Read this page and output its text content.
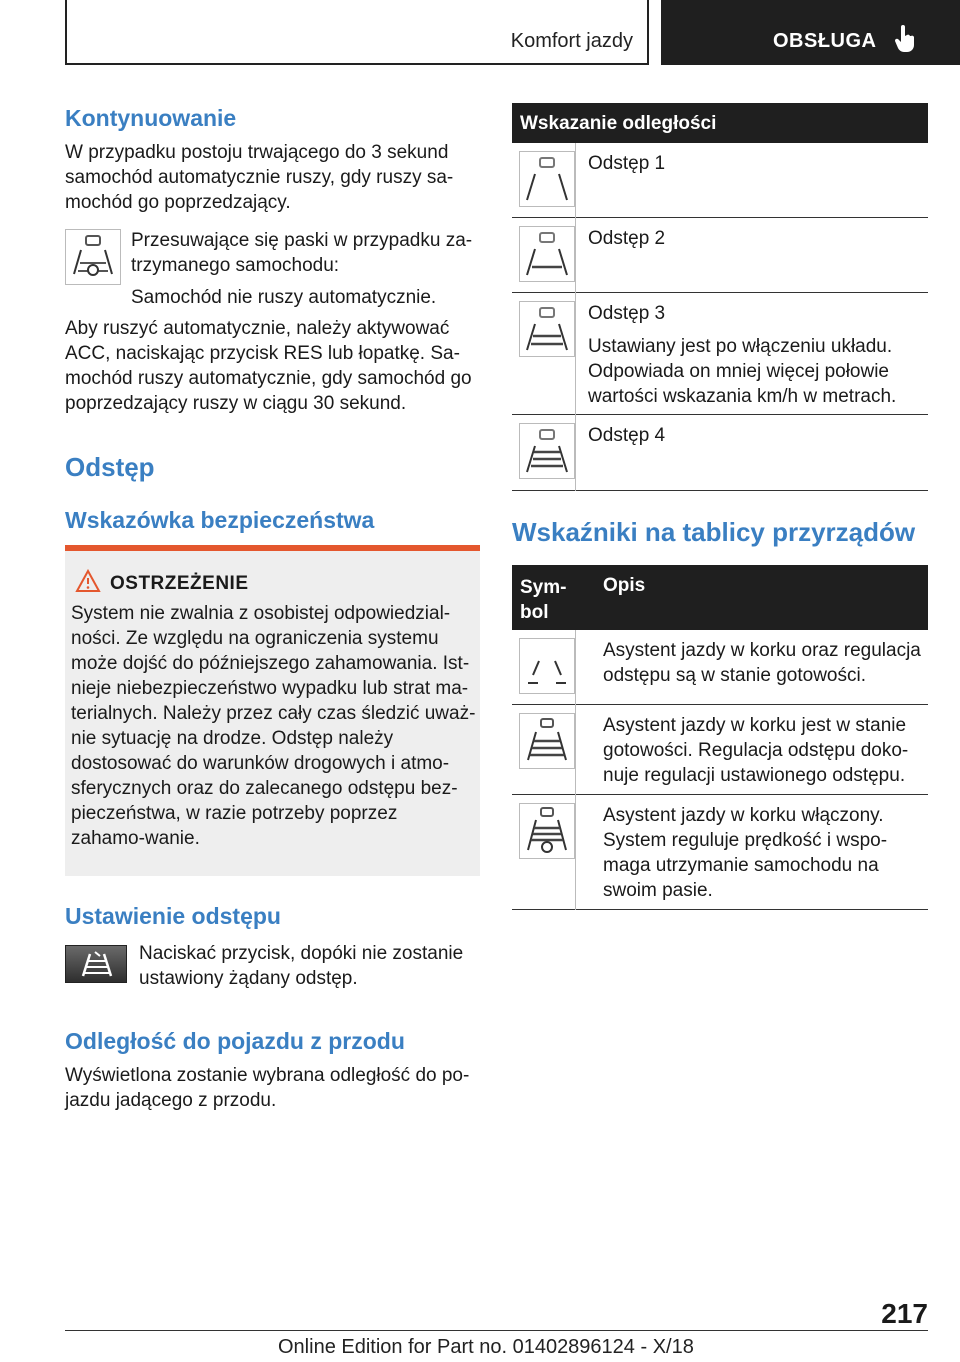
Komfort jazdy	OBSŁUGA
Kontynuowanie
W przypadku postoju trwającego do 3 sekund samochód automatycznie ruszy, gdy ruszy sa-mochód go poprzedzający.
Przesuwające się paski w przypadku za-trzymanego samochodu:
Samochód nie ruszy automatycznie.
Aby ruszyć automatycznie, należy aktywować ACC, naciskając przycisk RES lub łopatkę. Sa-mochód ruszy automatycznie, gdy samochód go poprzedzający ruszy w ciągu 30 sekund.
Odstęp
Wskazówka bezpieczeństwa
OSTRZEŻENIE
System nie zwalnia z osobistej odpowiedzial-ności. Ze względu na ograniczenia systemu może dojść do późniejszego zahamowania. Ist-nieje niebezpieczeństwo wypadku lub strat ma-terialnych. Należy przez cały czas śledzić uważ-nie sytuację na drodze. Odstęp należy dostosować do warunków drogowych i atmo-sferycznych oraz do zalecanego odstępu bez-pieczeństwa, w razie potrzeby poprzez zahamo-wanie.
Ustawienie odstępu
Naciskać przycisk, dopóki nie zostanie ustawiony żądany odstęp.
Odległość do pojazdu z przodu
Wyświetlona zostanie wybrana odległość do po-jazdu jadącego z przodu.
Wskazanie odległości
Odstęp 1
Odstęp 2
Odstęp 3
Ustawiany jest po włączeniu układu. Odpowiada on mniej więcej połowie wartości wskazania km/h w metrach.
Odstęp 4
Wskaźniki na tablicy przyrządów
Sym-bol
Opis
Asystent jazdy w korku oraz regulacja odstępu są w stanie gotowości.
Asystent jazdy w korku jest w stanie gotowości. Regulacja odstępu doko-nuje regulacji ustawionego odstępu.
Asystent jazdy w korku włączony. System reguluje prędkość i wspo-maga utrzymanie samochodu na swoim pasie.
217
Online Edition for Part no. 01402896124 - X/18
